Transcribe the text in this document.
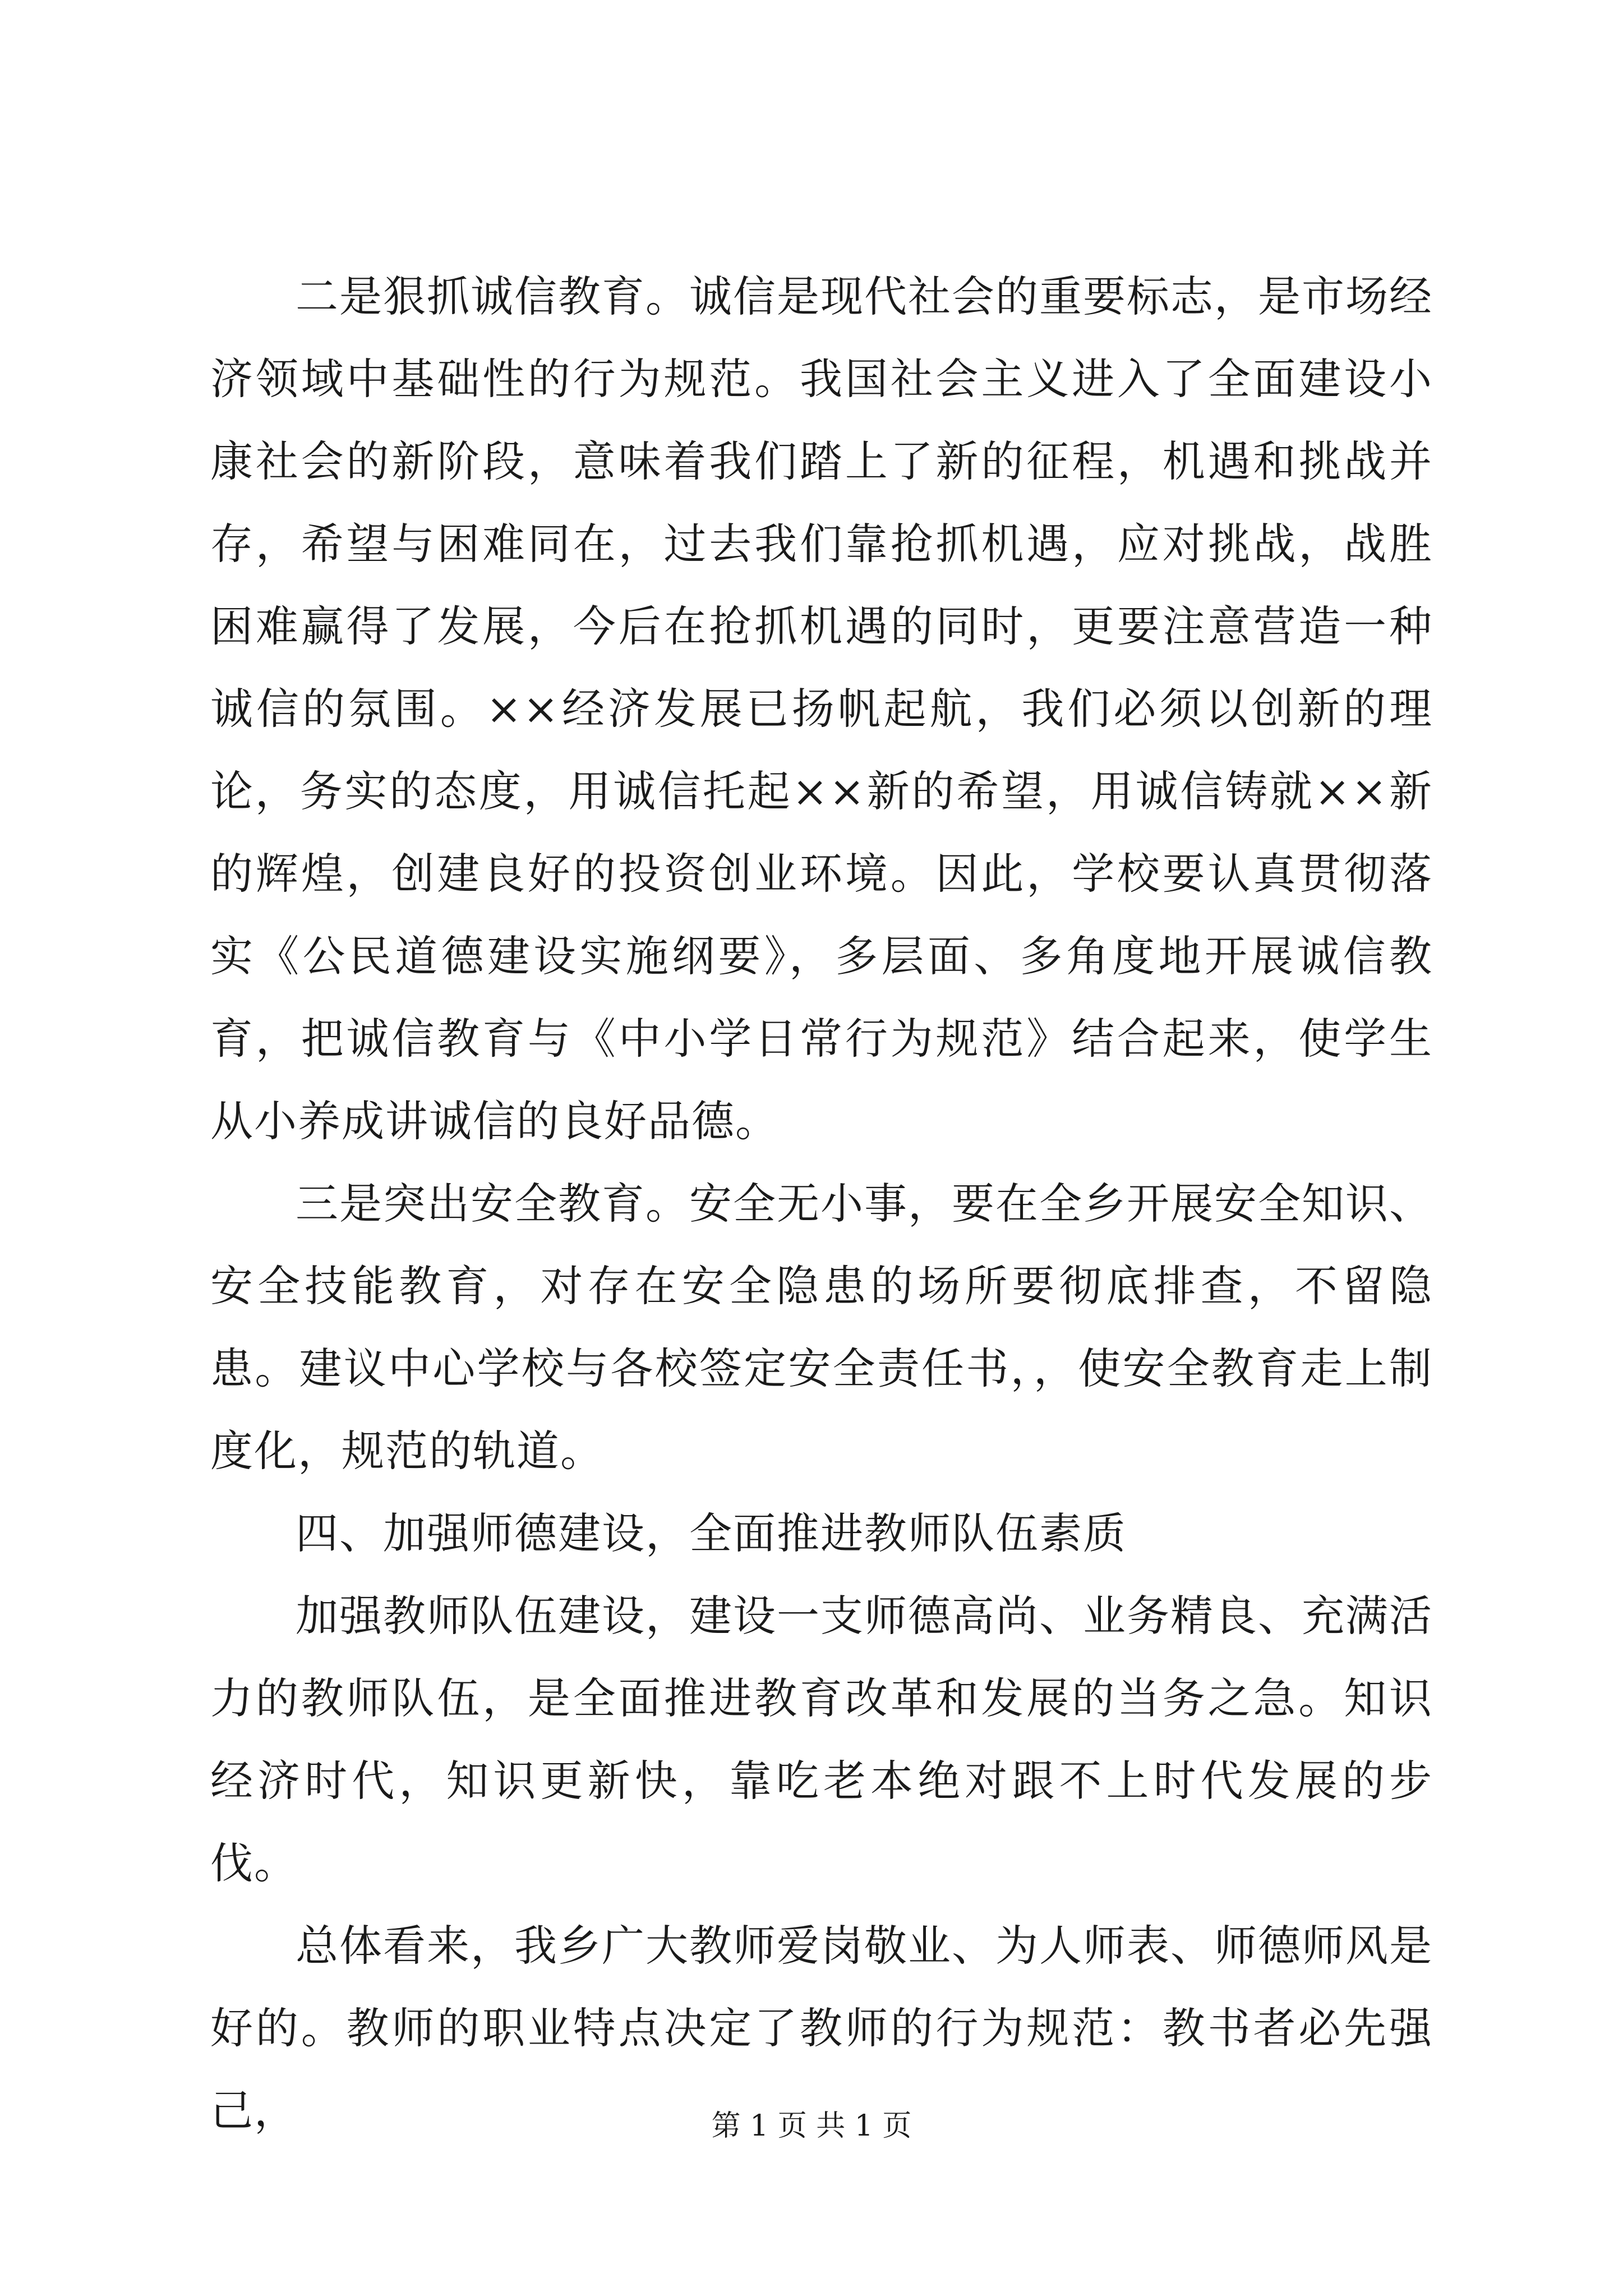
二是狠抓诚信教育。诚信是现代社会的重要标志，是市场经济领域中基础性的行为规范。我国社会主义进入了全面建设小康社会的新阶段，意味着我们踏上了新的征程，机遇和挑战并存，希望与困难同在，过去我们靠抢抓机遇，应对挑战，战胜困难赢得了发展，今后在抢抓机遇的同时，更要注意营造一种诚信的氛围。××经济发展已扬帆起航，我们必须以创新的理论，务实的态度，用诚信托起××新的希望，用诚信铸就××新的辉煌，创建良好的投资创业环境。因此，学校要认真贯彻落实《公民道德建设实施纲要》，多层面、多角度地开展诚信教育，把诚信教育与《中小学日常行为规范》结合起来，使学生从小养成讲诚信的良好品德。

三是突出安全教育。安全无小事，要在全乡开展安全知识、安全技能教育，对存在安全隐患的场所要彻底排查，不留隐患。建议中心学校与各校签定安全责任书，，使安全教育走上制度化，规范的轨道。

四、加强师德建设，全面推进教师队伍素质

加强教师队伍建设，建设一支师德高尚、业务精良、充满活力的教师队伍，是全面推进教育改革和发展的当务之急。知识经济时代，知识更新快，靠吃老本绝对跟不上时代发展的步伐。

总体看来，我乡广大教师爱岗敬业、为人师表、师德师风是好的。教师的职业特点决定了教师的行为规范：教书者必先强己，	第 1 页 共 1 页
